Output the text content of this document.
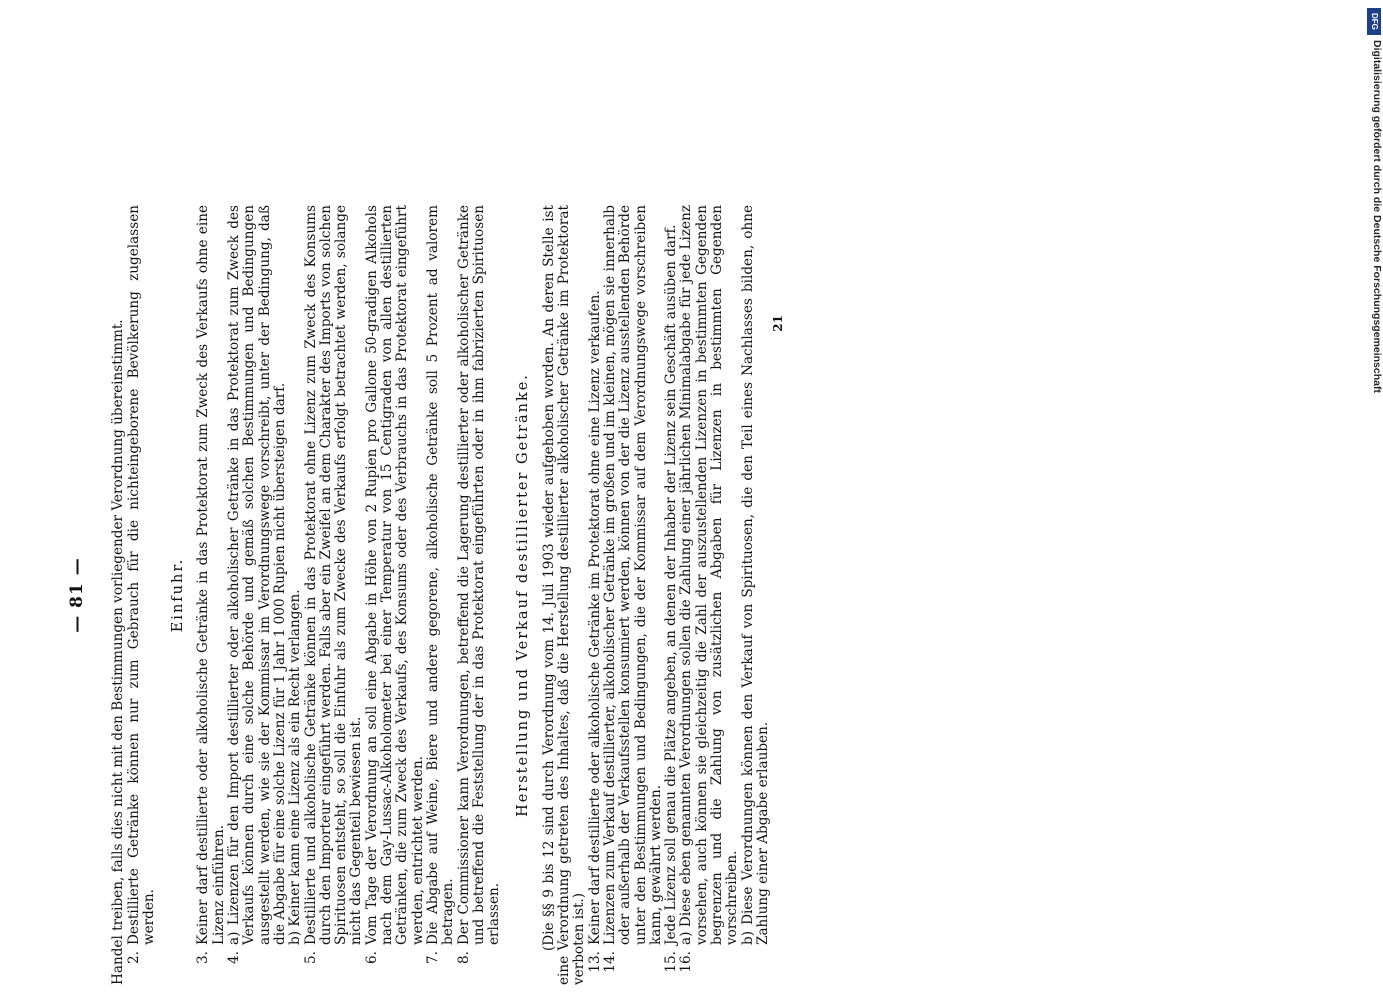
— 81 — Handel treiben, falls dies nicht mit den Bestimmungen vorliegender Verordnung übereinstimmt. 2.
Destillierte Getränke können nur zum Gebrauch für die nichteingeborene Bevölkerung zugelassen werden.
Einfuhr.
3.
Keiner darf destillierte oder alkoholische Getränke in das Protektorat zum Zweck des Verkaufs ohne eine Lizenz einführen.
4.
a) Lizenzen für den Import destillierter oder alkoholischer Getränke in das Protektorat zum Zweck des Verkaufs können durch eine solche Behörde und gemäß solchen Bestimmungen und Bedingungen ausgestellt werden, wie sie der Kommissar im Verordnungswege vorschreibt, unter der Bedingung, daß die Abgabe für eine solche Lizenz für 1 Jahr 1 000 Rupien nicht übersteigen darf. b) Keiner kann eine Lizenz als ein Recht verlangen.
5.
Destillierte und alkoholische Getränke können in das Protektorat ohne Lizenz zum Zweck des Konsums durch den Importeur eingeführt werden. Falls aber ein Zweifel an dem Charakter des Imports von solchen Spirituosen entsteht, so soll die Einfuhr als zum Zwecke des Verkaufs erfolgt betrachtet werden, solange nicht das Gegenteil bewiesen ist.
6.
Vom Tage der Verordnung an soll eine Abgabe in Höhe von 2 Rupien pro Gallone 50-gradigen Alkohols nach dem Gay-Lussac-Alkoholometer bei einer Temperatur von 15 Centigraden von allen destillierten Getränken, die zum Zweck des Verkaufs, des Konsums oder des Verbrauchs in das Protektorat eingeführt werden, entrichtet werden.
7.
Die Abgabe auf Weine, Biere und andere gegorene, alkoholische Getränke soll 5 Prozent ad valorem betragen.
8.
Der Commissioner kann Verordnungen, betreffend die Lagerung destillierter oder alkoholischer Getränke und betreffend die Feststellung der in das Protektorat eingeführten oder in ihm fabrizierten Spirituosen erlassen.
Herstellung und Verkauf destillierter Getränke. (Die §§ 9 bis 12 sind durch Verordnung vom 14. Juli 1903 wieder aufgehoben worden. An deren Stelle ist eine Verordnung getreten des Inhaltes, daß die Herstellung destillierter alkoholischer Getränke im Protektorat verboten ist.) 13.
Keiner darf destillierte oder alkoholische Getränke im Protektorat ohne eine Lizenz verkaufen.
14.
Lizenzen zum Verkauf destillierter, alkoholischer Getränke im großen und im kleinen, mögen sie innerhalb oder außerhalb der Verkaufsstellen konsumiert werden, können von der die Lizenz ausstellenden Behörde unter den Bestimmungen und Bedingungen, die der Kommissar auf dem Verordnungswege vorschreiben kann, gewährt werden.
15.
Jede Lizenz soll genau die Plätze angeben, an denen der Inhaber der Lizenz sein Geschäft ausüben darf.
16.
a) Diese eben genannten Verordnungen sollen die Zahlung einer jährlichen Minimalabgabe für jede Lizenz vorsehen, auch können sie gleichzeitig die Zahl der auszustellenden Lizenzen in bestimmten Gegenden begrenzen und die Zahlung von zusätzlichen Abgaben für Lizenzen in bestimmten Gegenden vorschreiben. b) Diese Verordnungen können den Verkauf von Spirituosen, die den Teil eines Nachlasses bilden, ohne Zahlung einer Abgabe erlauben.
21
DFG
Digitalisierung gefördert durch die Deutsche Forschungsgemeinschaft
